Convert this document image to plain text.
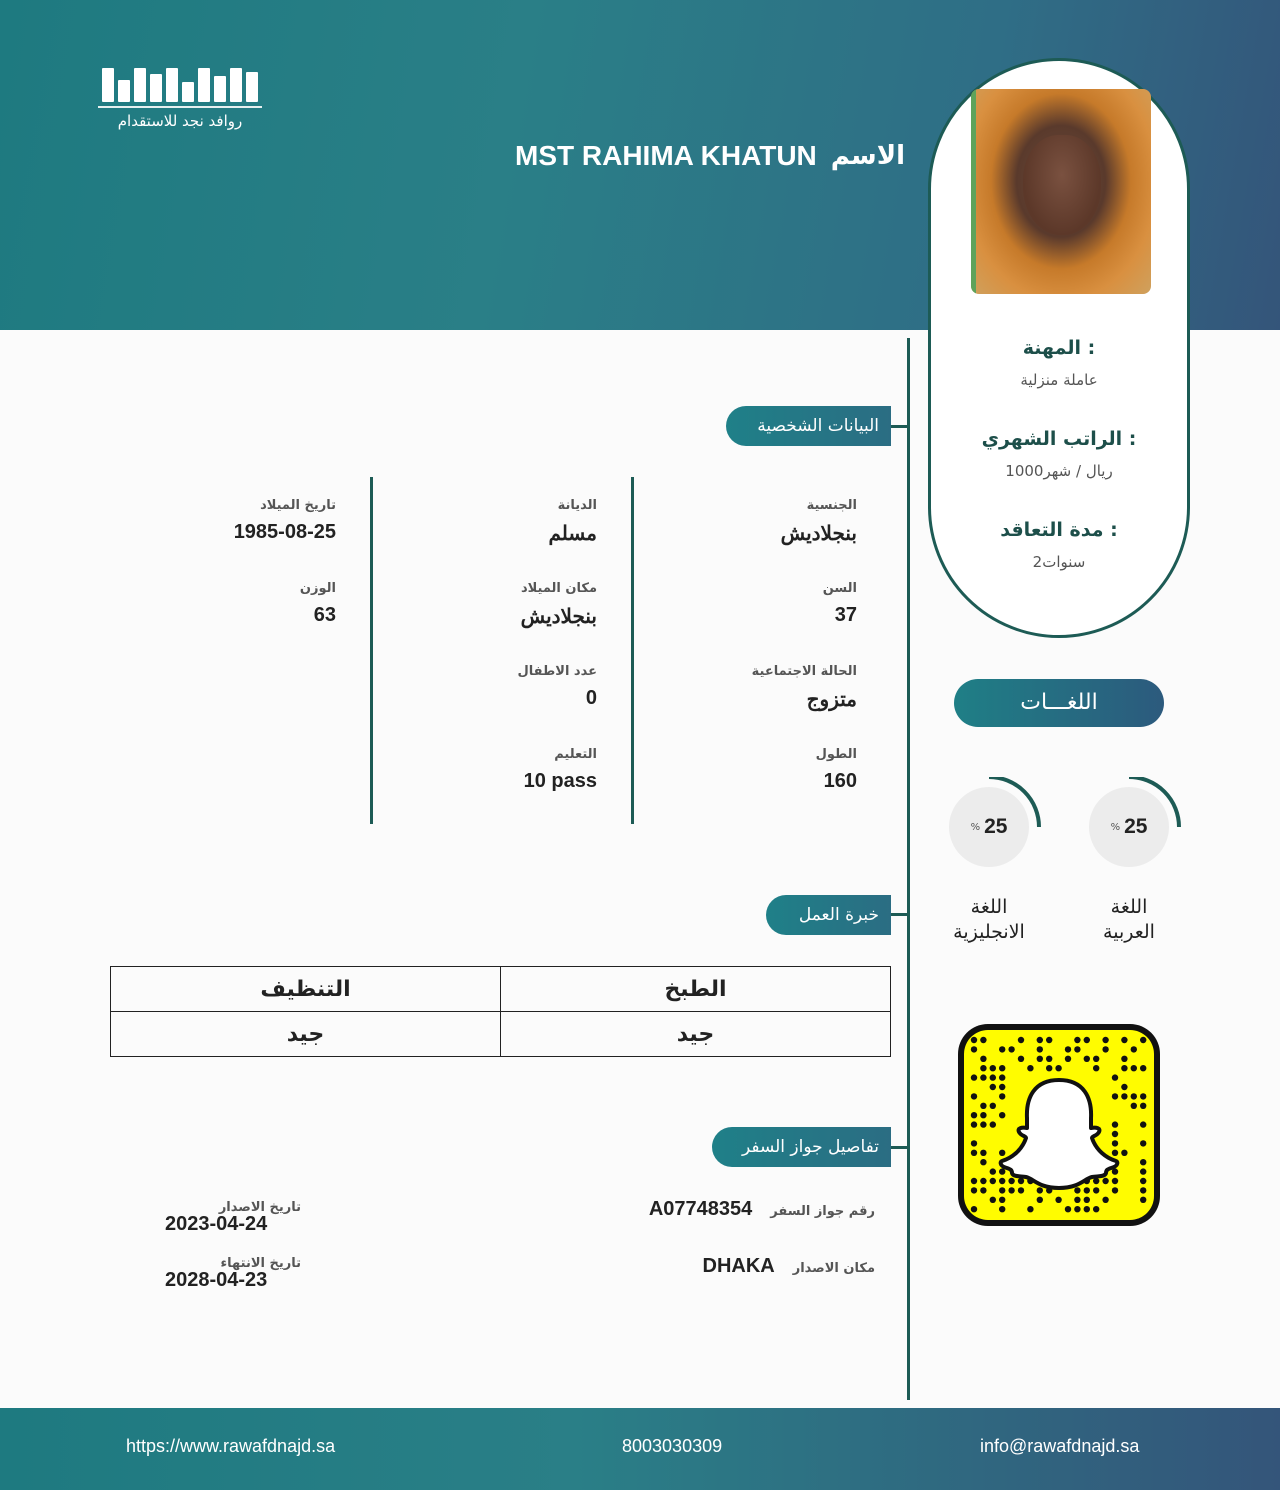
روافد نجد للاستقدام
MST RAHIMA KHATUN الاسم
المهنة :
عاملة منزلية
الراتب الشهري :
1000ريال / شهر
مدة التعاقد :
2سنوات
البيانات الشخصية
الجنسية
بنجلاديش
الديانة
مسلم
تاريخ الميلاد
1985-08-25
السن
37
مكان الميلاد
بنجلاديش
الوزن
63
الحالة الاجتماعية
متزوج
عدد الاطفال
0
الطول
160
التعليم
10 pass
خبرة العمل
التنظيف	الطبخ
جيد	جيد
تفاصيل جواز السفر
A07748354 رقم جواز السفر
DHAKA مكان الاصدار
تاريخ الاصدار
2023-04-24
تاريخ الانتهاء
2028-04-23
اللغـــات
% 25
% 25
اللغة
العربية
اللغة
الانجليزية
https://www.rawafdnajd.sa	8003030309	info@rawafdnajd.sa
